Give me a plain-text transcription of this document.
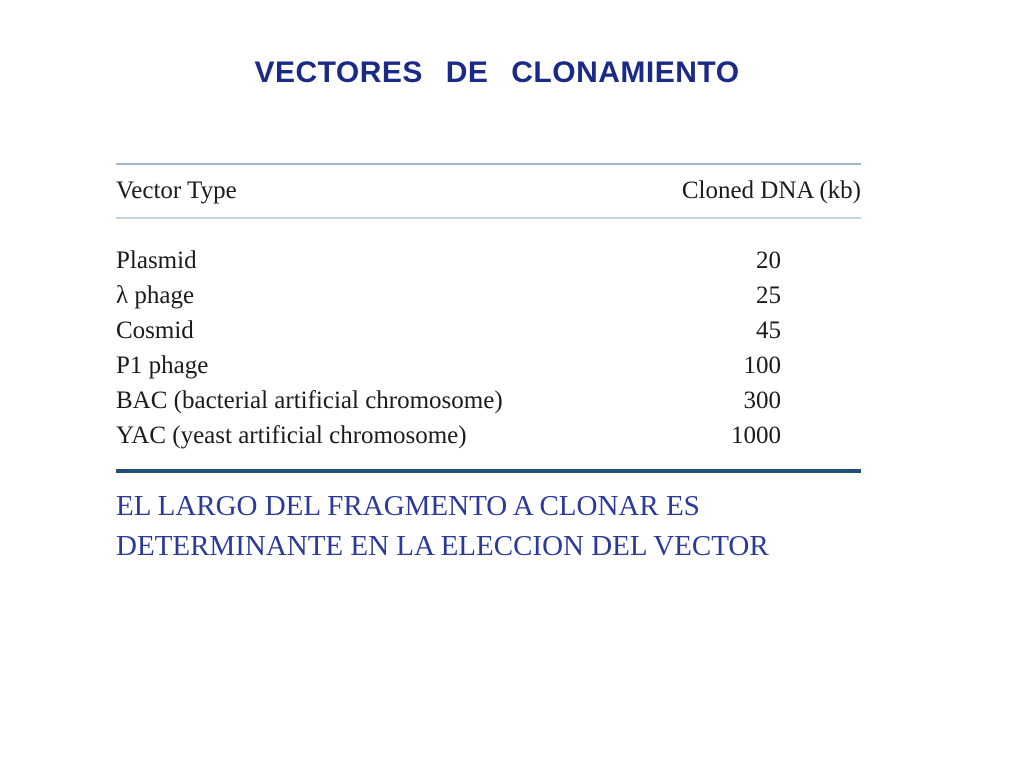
VECTORES DE CLONAMIENTO
Vector Type	Cloned DNA (kb)
Plasmid	20
λ phage	25
Cosmid	45
P1 phage	100
BAC (bacterial artificial chromosome)	300
YAC (yeast artificial chromosome)	1000

EL LARGO DEL FRAGMENTO A CLONAR ES DETERMINANTE EN LA ELECCION DEL VECTOR
